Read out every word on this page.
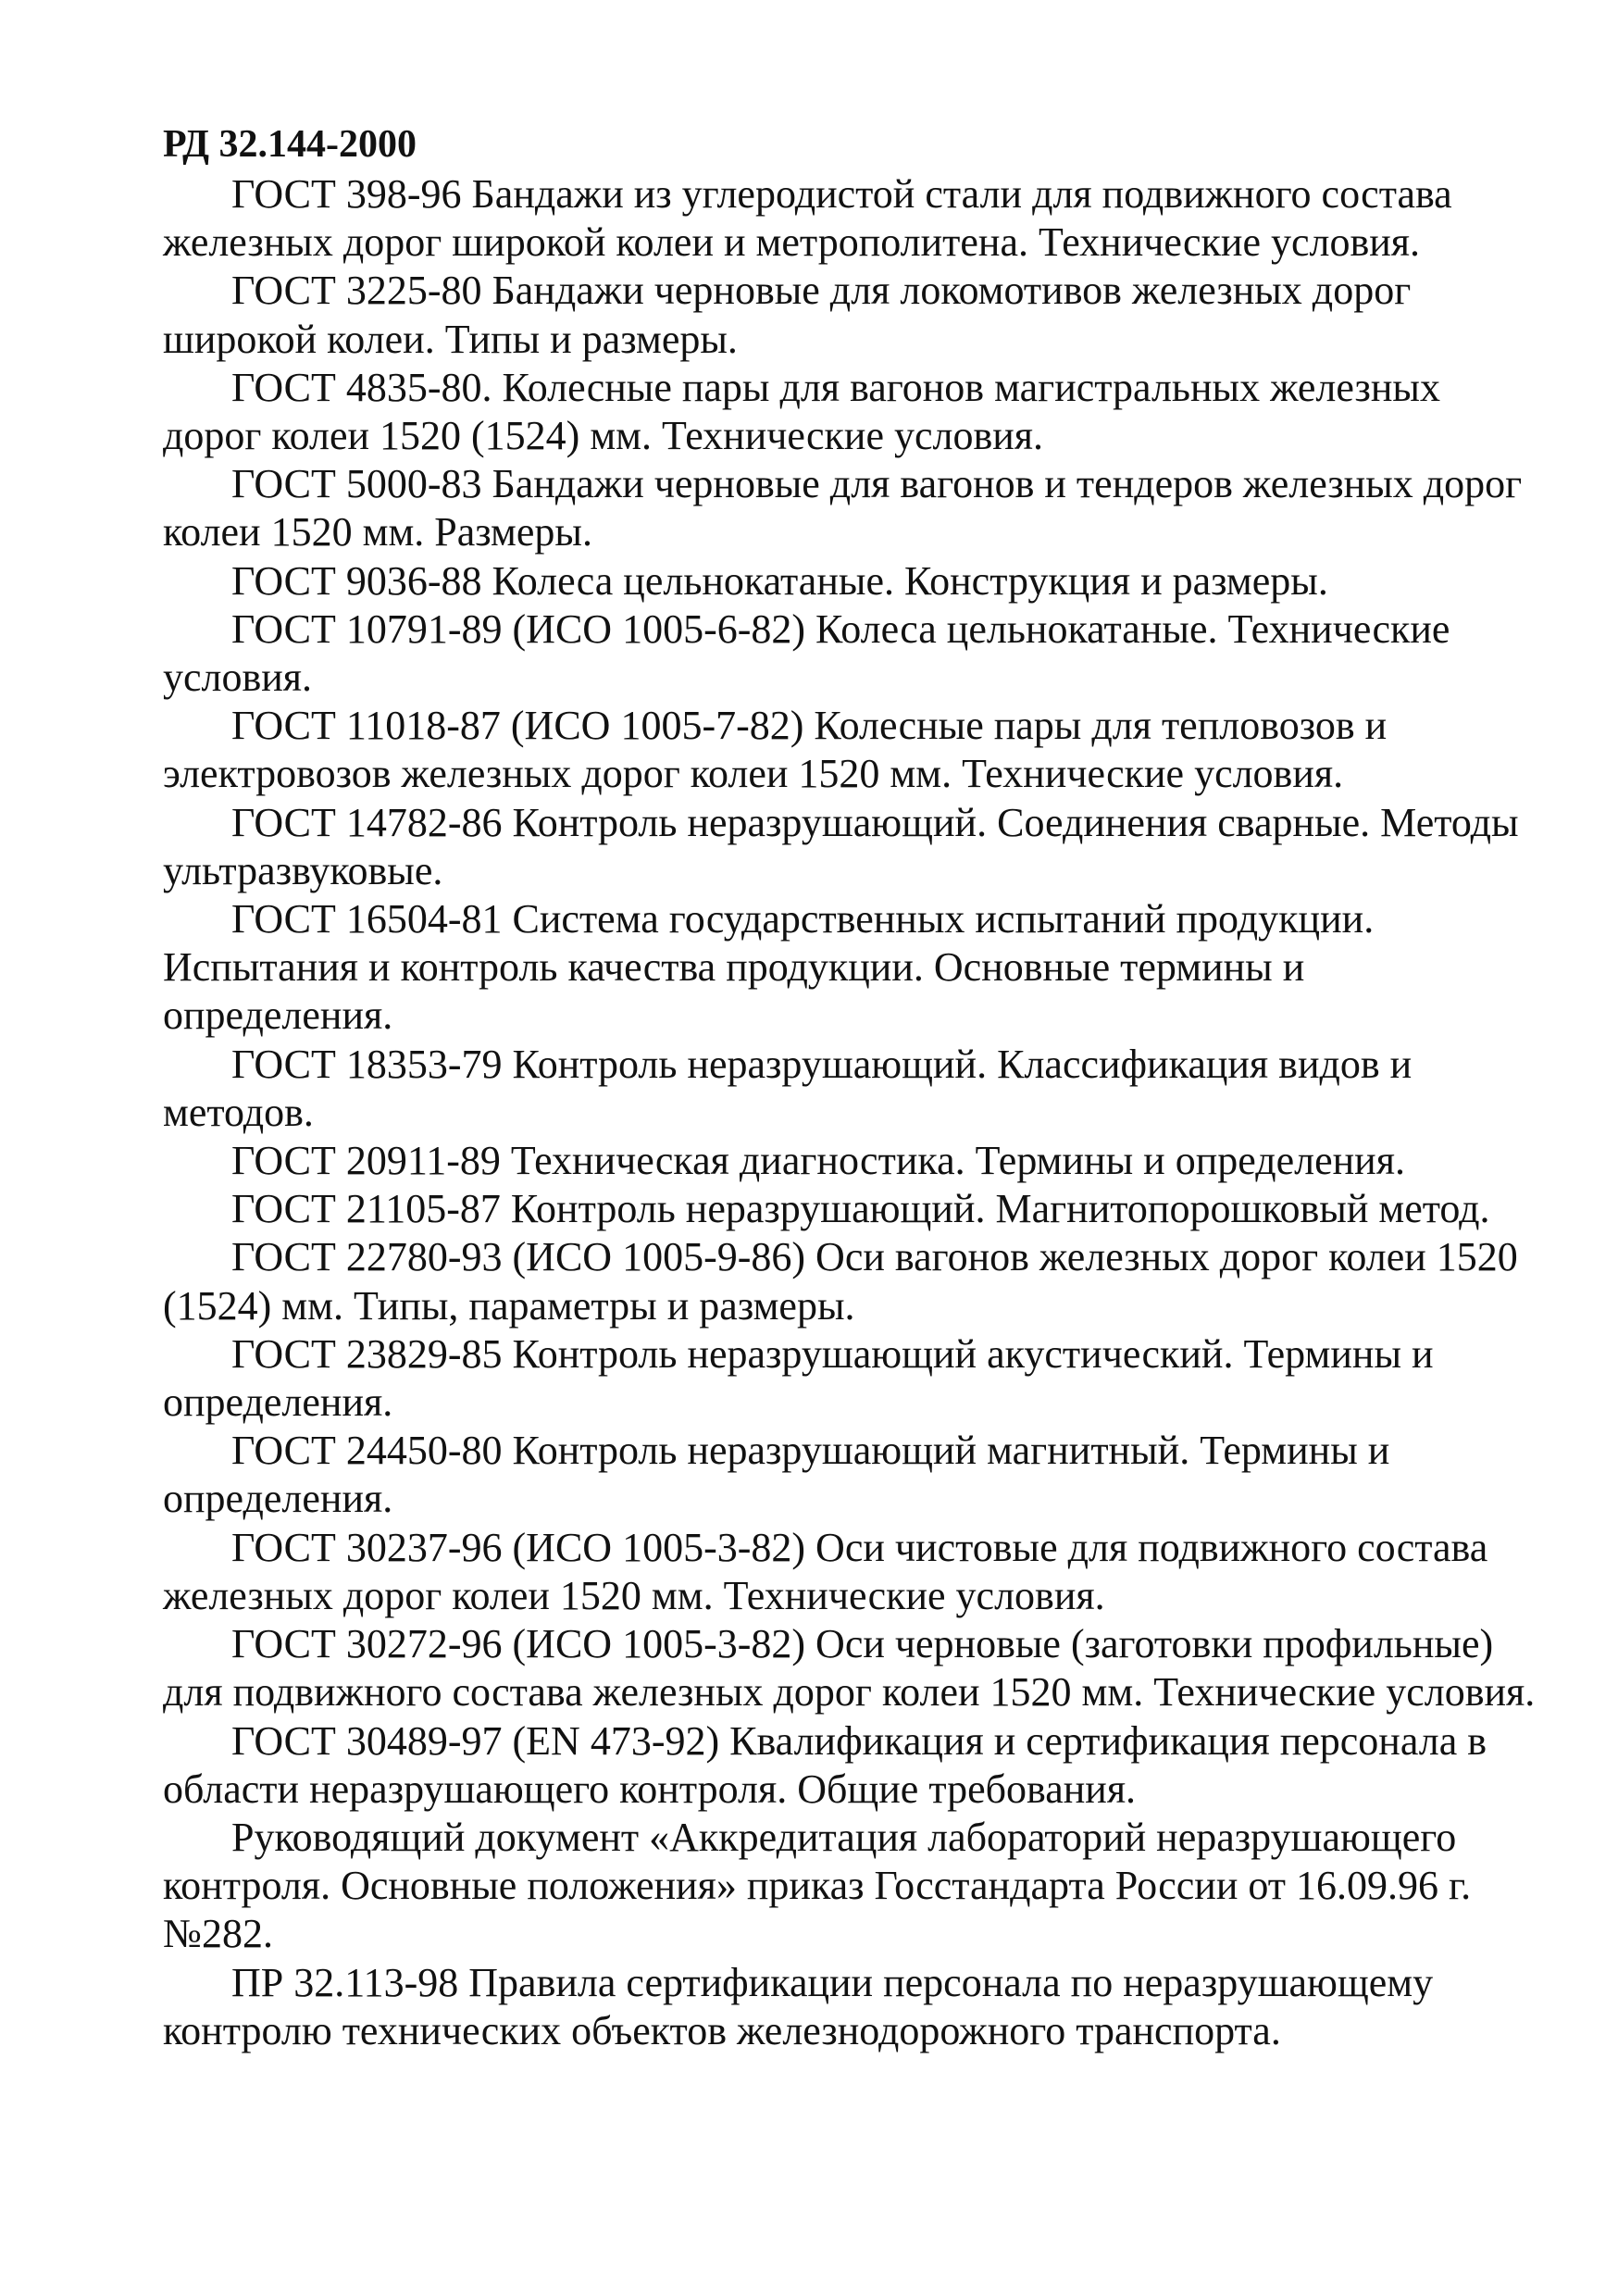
РД 32.144-2000
ГОСТ 398-96 Бандажи из углеродистой стали для подвижного состава железных дорог широкой колеи и метрополитена. Технические условия.
ГОСТ 3225-80 Бандажи черновые для локомотивов железных дорог широкой колеи. Типы и размеры.
ГОСТ 4835-80. Колесные пары для вагонов магистральных железных дорог колеи 1520 (1524) мм. Технические условия.
ГОСТ 5000-83 Бандажи черновые для вагонов и тендеров железных дорог колеи 1520 мм. Размеры.
ГОСТ 9036-88 Колеса цельнокатаные. Конструкция и размеры.
ГОСТ 10791-89 (ИСО 1005-6-82) Колеса цельнокатаные. Технические условия.
ГОСТ 11018-87 (ИСО 1005-7-82) Колесные пары для тепловозов и электровозов железных дорог колеи 1520 мм. Технические условия.
ГОСТ 14782-86 Контроль неразрушающий. Соединения сварные. Методы ультразвуковые.
ГОСТ 16504-81 Система государственных испытаний продукции. Испытания и контроль качества продукции. Основные термины и определения.
ГОСТ 18353-79 Контроль неразрушающий. Классификация видов и методов.
ГОСТ 20911-89 Техническая диагностика. Термины и определения.
ГОСТ 21105-87 Контроль неразрушающий. Магнитопорошковый метод.
ГОСТ 22780-93 (ИСО 1005-9-86) Оси вагонов железных дорог колеи 1520 (1524) мм. Типы, параметры и размеры.
ГОСТ 23829-85 Контроль неразрушающий акустический. Термины и определения.
ГОСТ 24450-80 Контроль неразрушающий магнитный. Термины и определения.
ГОСТ 30237-96 (ИСО 1005-3-82) Оси чистовые для подвижного состава железных дорог колеи 1520 мм. Технические условия.
ГОСТ 30272-96 (ИСО 1005-3-82) Оси черновые (заготовки профильные) для подвижного состава железных дорог колеи 1520 мм. Технические условия.
ГОСТ 30489-97 (EN 473-92) Квалификация и сертификация персонала в области неразрушающего контроля. Общие требования.
Руководящий документ «Аккредитация лабораторий неразрушающего контроля. Основные положения» приказ Госстандарта России от 16.09.96 г. №282.
ПР 32.113-98 Правила сертификации персонала по неразрушающему контролю технических объектов железнодорожного транспорта.
